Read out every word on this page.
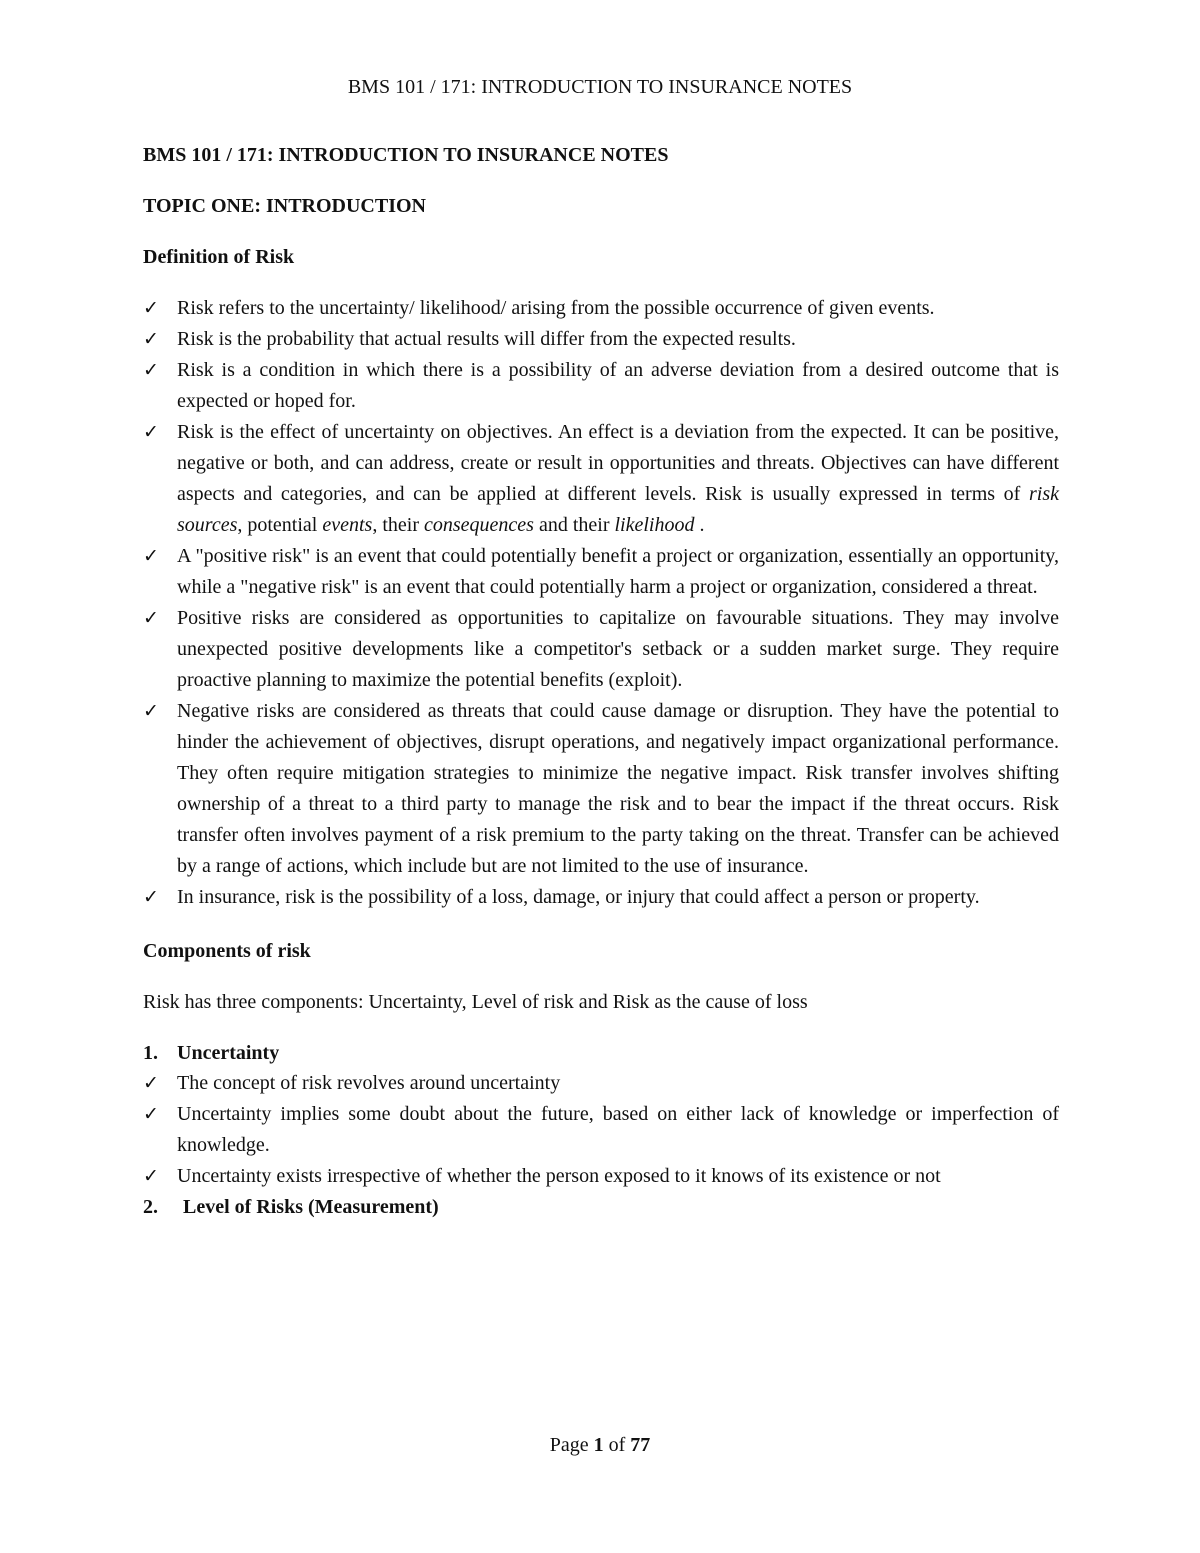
BMS 101 / 171: INTRODUCTION TO INSURANCE NOTES
BMS 101 / 171: INTRODUCTION TO INSURANCE NOTES
TOPIC ONE: INTRODUCTION
Definition of Risk
✓ Risk refers to the uncertainty/ likelihood/ arising from the possible occurrence of given events.
✓ Risk is the probability that actual results will differ from the expected results.
✓ Risk is a condition in which there is a possibility of an adverse deviation from a desired outcome that is expected or hoped for.
✓ Risk is the effect of uncertainty on objectives. An effect is a deviation from the expected. It can be positive, negative or both, and can address, create or result in opportunities and threats. Objectives can have different aspects and categories, and can be applied at different levels. Risk is usually expressed in terms of risk sources, potential events, their consequences and their likelihood .
✓ A "positive risk" is an event that could potentially benefit a project or organization, essentially an opportunity, while a "negative risk" is an event that could potentially harm a project or organization, considered a threat.
✓ Positive risks are considered as opportunities to capitalize on favourable situations. They may involve unexpected positive developments like a competitor's setback or a sudden market surge. They require proactive planning to maximize the potential benefits (exploit).
✓ Negative risks are considered as threats that could cause damage or disruption. They have the potential to hinder the achievement of objectives, disrupt operations, and negatively impact organizational performance. They often require mitigation strategies to minimize the negative impact. Risk transfer involves shifting ownership of a threat to a third party to manage the risk and to bear the impact if the threat occurs. Risk transfer often involves payment of a risk premium to the party taking on the threat. Transfer can be achieved by a range of actions, which include but are not limited to the use of insurance.
✓ In insurance, risk is the possibility of a loss, damage, or injury that could affect a person or property.
Components of risk
Risk has three components: Uncertainty, Level of risk and Risk as the cause of loss
1. Uncertainty
✓ The concept of risk revolves around uncertainty
✓ Uncertainty implies some doubt about the future, based on either lack of knowledge or imperfection of knowledge.
✓ Uncertainty exists irrespective of whether the person exposed to it knows of its existence or not
2. Level of Risks (Measurement)
Page 1 of 77
